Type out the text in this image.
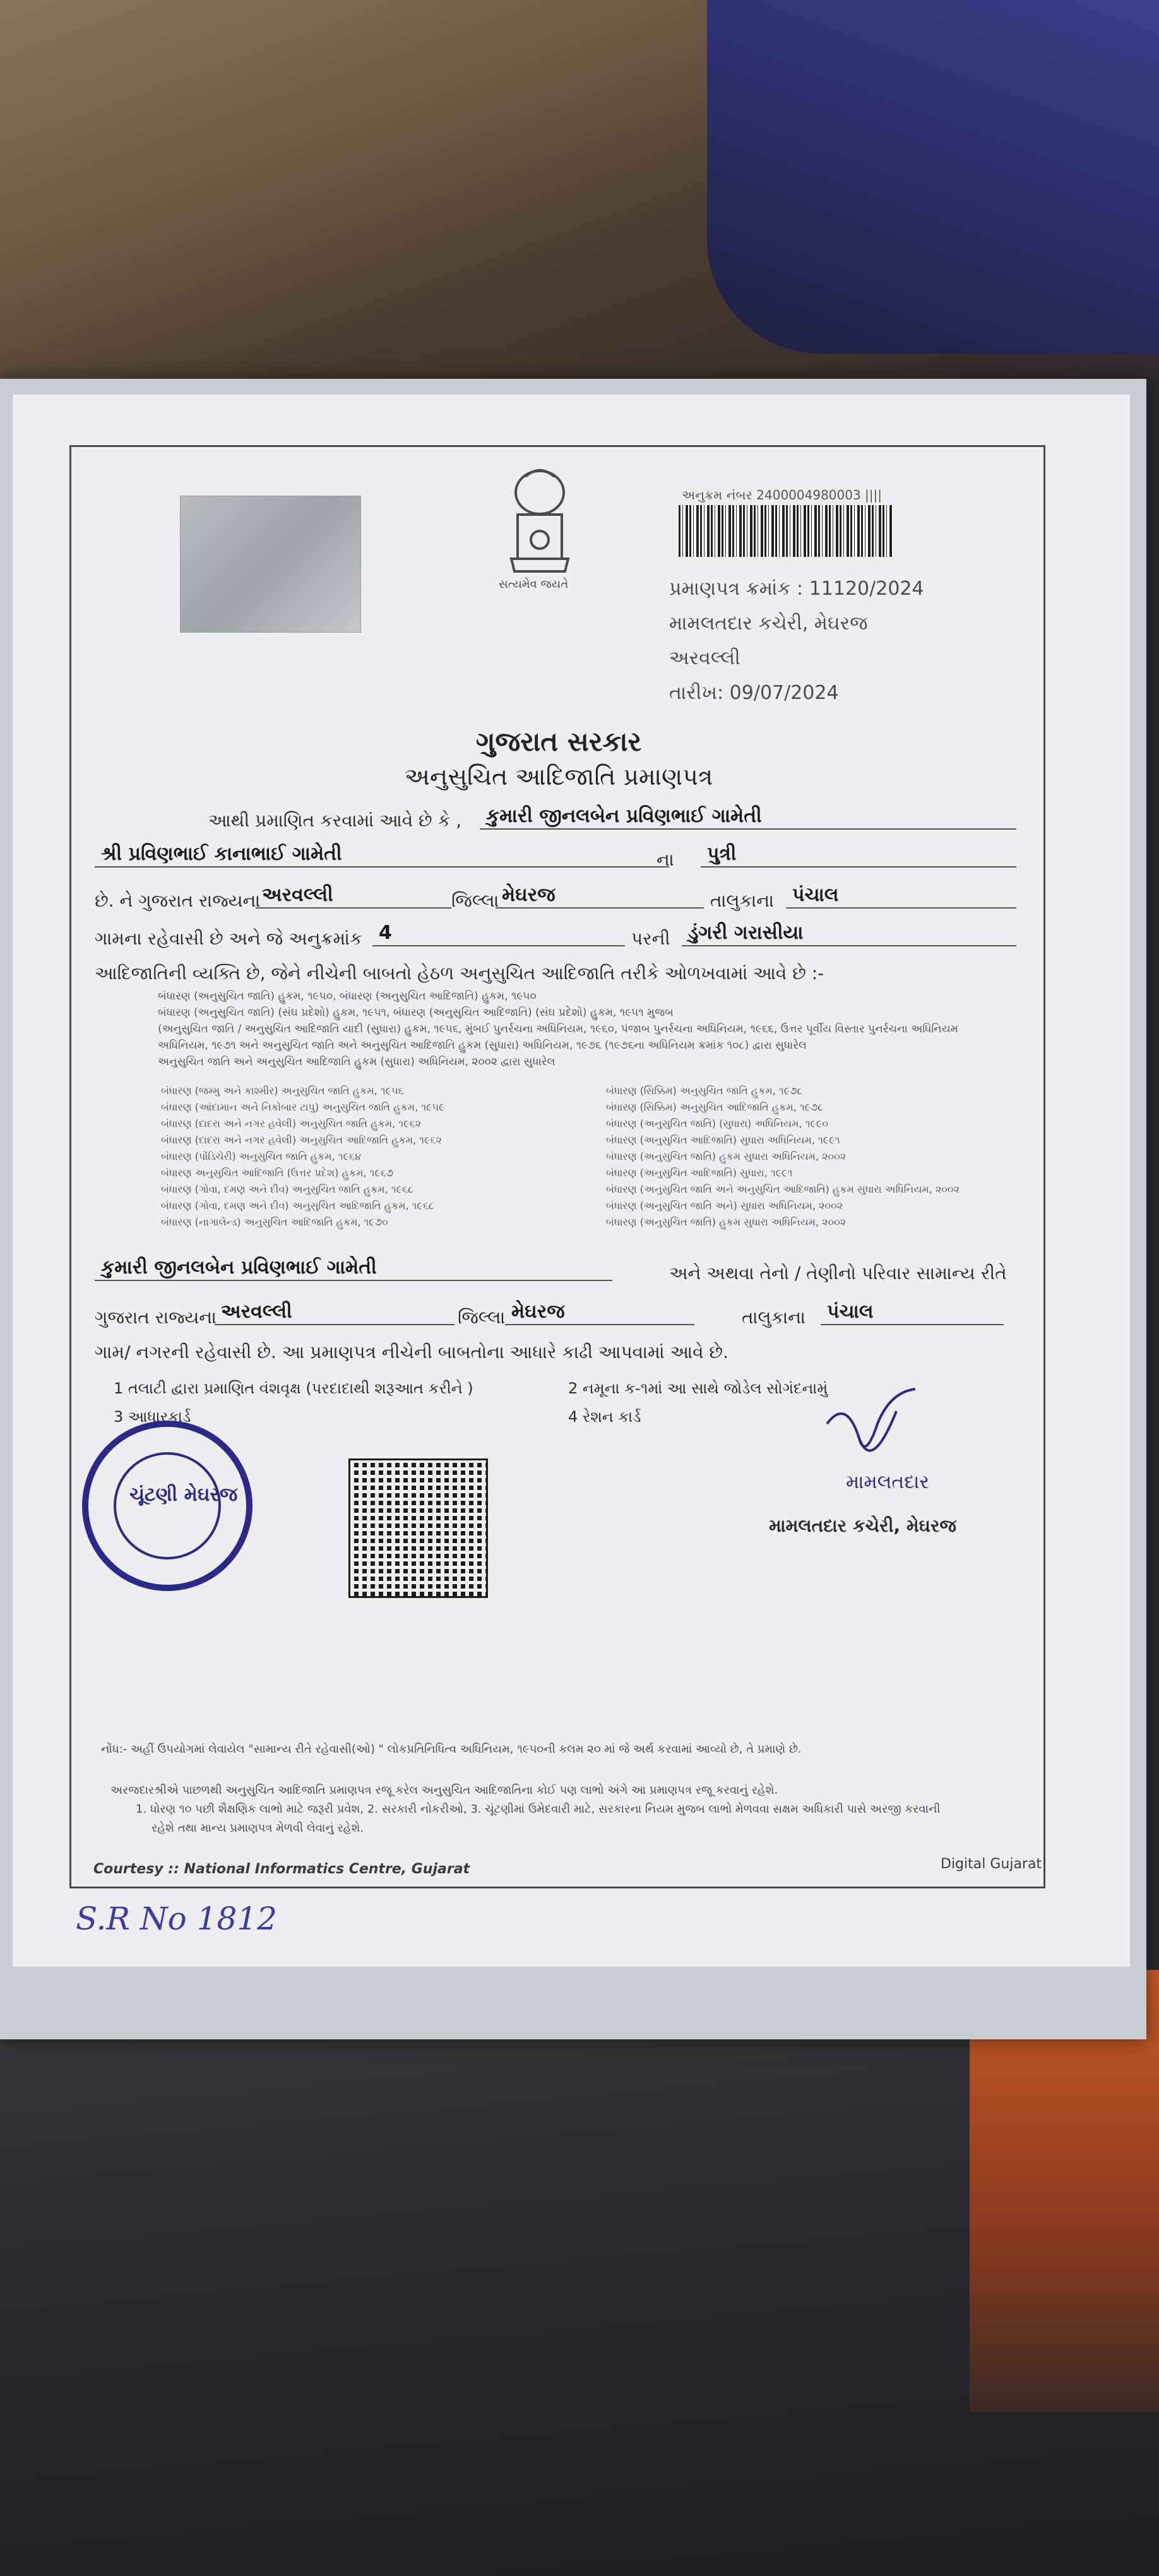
સત્યમેવ જયતે
અનુક્રમ નંબર 2400004980003 ||||
પ્રમાણપત્ર ક્રમાંક : 11120/2024
મામલતદાર કચેરી, મેઘરજ
અરવલ્લી
તારીખ: 09/07/2024
ગુજરાત સરકાર
અનુસુચિત આદિજાતિ પ્રમાણપત્ર
આથી પ્રમાણિત કરવામાં આવે છે કે ,	કુમારી જીનલબેન પ્રવિણભાઈ ગામેતી
શ્રી પ્રવિણભાઈ કાનાભાઈ ગામેતી	ના	પુત્રી
છે. ને ગુજરાત રાજ્યના અરવલ્લી	જિલ્લા મેઘરજ	તાલુકાના પંચાલ
ગામના રહેવાસી છે અને જે અનુક્રમાંક 4	પરની ડુંગરી ગરાસીયા
આદિજાતિની વ્યક્તિ છે, જેને નીચેની બાબતો હેઠળ અનુસુચિત આદિજાતિ તરીકે ઓળખવામાં આવે છે :-
બંધારણ (અનુસુચિત જાતિ) હુકમ, ૧૯૫૦, બંધારણ (અનુસુચિત આદિજાતિ) હુકમ, ૧૯૫૦
બંધારણ (અનુસુચિત જાતિ) (સંઘ પ્રદેશો) હુકમ, ૧૯૫૧, બંધારણ (અનુસુચિત આદિજાતિ) (સંઘ પ્રદેશો) હુકમ, ૧૯૫૧ મુજબ
(અનુસુચિત જાતિ / અનુસુચિત આદિજાતિ યાદી (સુધારા) હુકમ, ૧૯૫૬, મુંબઈ પુનર્રચના અધિનિયમ, ૧૯૬૦, પંજાબ પુનર્રચના અધિનિયમ, ૧૯૬૬, ઉત્તર પૂર્વીય વિસ્તાર પુનર્રચના અધિનિયમ
અધિનિયમ, ૧૯૭૧ અને અનુસુચિત જાતિ અને અનુસુચિત આદિજાતિ હુકમ (સુધારા) અધિનિયમ, ૧૯૭૬ (૧૯૭૬ના અધિનિયમ ક્રમાંક ૧૦૮) દ્વારા સુધારેલ
અનુસુચિત જાતિ અને અનુસુચિત આદિજાતિ હુકમ (સુધારા) અધિનિયમ, ૨૦૦૨ દ્વારા સુધારેલ
બંધારણ (જમ્મુ અને કાશ્મીર) અનુસુચિત જાતિ હુકમ, ૧૯૫૬
બંધારણ (આંદામાન અને નિકોબાર ટાપુ) અનુસુચિત જાતિ હુકમ, ૧૯૫૯
બંધારણ (દાદરા અને નગર હવેલી) અનુસુચિત જાતિ હુકમ, ૧૯૬૨
બંધારણ (દાદરા અને નગર હવેલી) અનુસુચિત આદિજાતિ હુકમ, ૧૯૬૨
બંધારણ (પોંડિચેરી) અનુસુચિત જાતિ હુકમ, ૧૯૬૪
બંધારણ અનુસુચિત આદિજાતિ (ઉત્તર પ્રદેશ) હુકમ, ૧૯૬૭
બંધારણ (ગોવા, દમણ અને દીવ) અનુસુચિત જાતિ હુકમ, ૧૯૬૮
બંધારણ (ગોવા, દમણ અને દીવ) અનુસુચિત આદિજાતિ હુકમ, ૧૯૬૮
બંધારણ (નાગાલેન્ડ) અનુસુચિત આદિજાતિ હુકમ, ૧૯૭૦
બંધારણ (સિક્કિમ) અનુસુચિત જાતિ હુકમ, ૧૯૭૮
બંધારણ (સિક્કિમ) અનુસુચિત આદિજાતિ હુકમ, ૧૯૭૮
બંધારણ (અનુસુચિત જાતિ) (સુધારા) અધિનિયમ, ૧૯૯૦
બંધારણ (અનુસુચિત આદિજાતિ) સુધારા અધિનિયમ, ૧૯૯૧
બંધારણ (અનુસુચિત જાતિ) હુકમ સુધારા અધિનિયમ, ૨૦૦૨
બંધારણ (અનુસુચિત આદિજાતિ) સુધારા, ૧૯૯૧
બંધારણ (અનુસુચિત જાતિ અને અનુસુચિત આદિજાતિ) હુકમ સુધારા અધિનિયમ, ૨૦૦૨
બંધારણ (અનુસુચિત જાતિ અને) સુધારા અધિનિયમ, ૨૦૦૨
બંધારણ (અનુસુચિત જાતિ) હુકમ સુધારા અધિનિયમ, ૨૦૦૨
કુમારી જીનલબેન પ્રવિણભાઈ ગામેતી	અને અથવા તેનો / તેણીનો પરિવાર સામાન્ય રીતે
ગુજરાત રાજ્યના અરવલ્લી	જિલ્લા મેઘરજ	તાલુકાના	પંચાલ
ગામ/ નગરની રહેવાસી છે. આ પ્રમાણપત્ર નીચેની બાબતોના આધારે કાઢી આપવામાં આવે છે.
1 તલાટી દ્વારા પ્રમાણિત વંશવૃક્ષ (પરદાદાથી શરૂઆત કરીને )	2 નમૂના ક-૧માં આ સાથે જોડેલ સોગંદનામું
3 આધારકાર્ડ	4 રેશન કાર્ડ
ચૂંટણી મેઘરજ
મામલતદાર
મામલતદાર કચેરી, મેઘરજ
નોંધ:- અહીં ઉપયોગમાં લેવાયેલ "સામાન્ય રીતે રહેવાસી(ઓ) " લોકપ્રતિનિધિત્વ અધિનિયમ, ૧૯૫૦ની કલમ ૨૦ માં જે અર્થ કરવામાં આવ્યો છે, તે પ્રમાણે છે.
અરજદારશ્રીએ પાછળથી અનુસુચિત આદિજાતિ પ્રમાણપત્ર રજૂ કરેલ અનુસુચિત આદિજાતિના કોઈ પણ લાભો અંગે આ પ્રમાણપત્ર રજૂ કરવાનું રહેશે.
1. ધોરણ ૧૦ પછી શૈક્ષણિક લાભો માટે જરૂરી પ્રવેશ, 2. સરકારી નોકરીઓ, 3. ચૂંટણીમાં ઉમેદવારી માટે, સરકારના નિયમ મુજબ લાભો મેળવવા સક્ષમ અધિકારી પાસે અરજી કરવાની
રહેશે તથા માન્ય પ્રમાણપત્ર મેળવી લેવાનું રહેશે.
Courtesy :: National Informatics Centre, Gujarat	Digital Gujarat
S.R No 1812
